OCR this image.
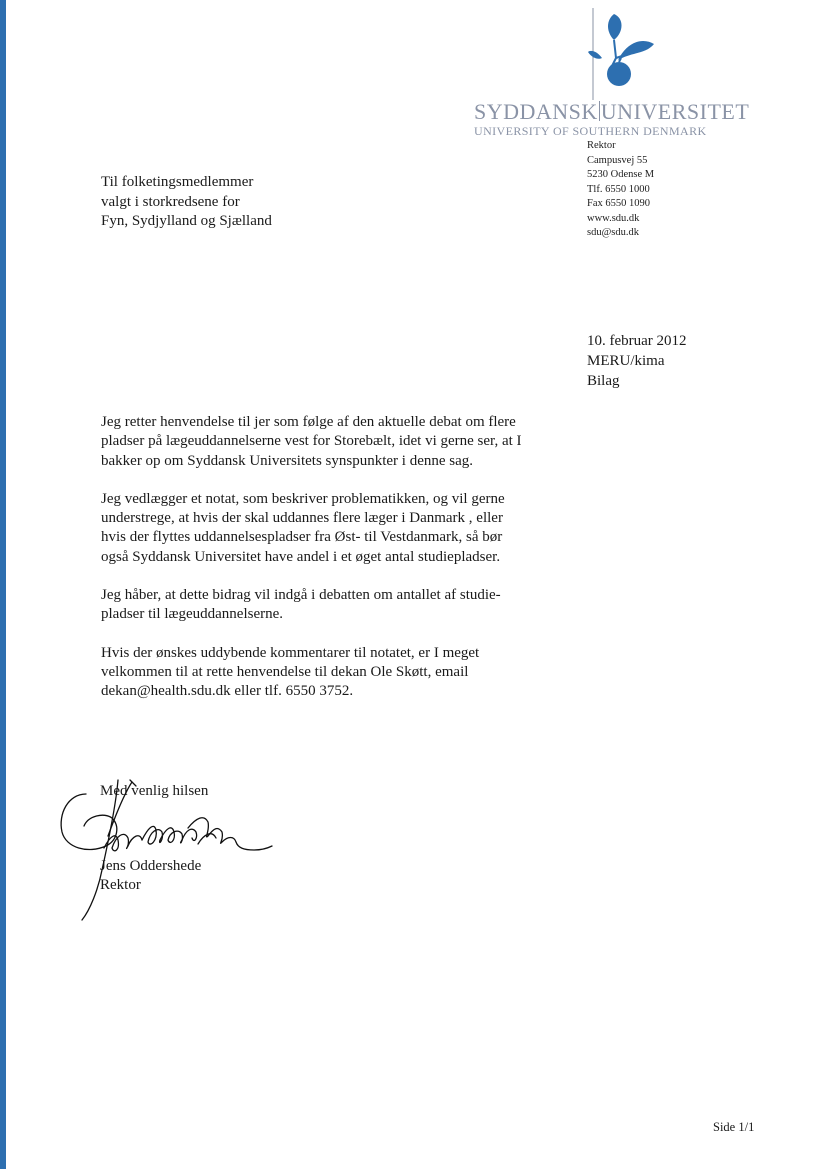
SYDDANSK UNIVERSITET
UNIVERSITY OF SOUTHERN DENMARK
Rektor
Campusvej 55
5230 Odense M
Tlf. 6550 1000
Fax 6550 1090
www.sdu.dk
sdu@sdu.dk
Til folketingsmedlemmer
valgt i storkredsene for
Fyn, Sydjylland og Sjælland
10. februar 2012
MERU/kima
Bilag

Jeg retter henvendelse til jer som følge af den aktuelle debat om flere
pladser på lægeuddannelserne vest for Storebælt, idet vi gerne ser, at I
bakker op om Syddansk Universitets synspunkter i denne sag.

Jeg vedlægger et notat, som beskriver problematikken, og vil gerne
understrege, at hvis der skal uddannes flere læger i Danmark , eller
hvis der flyttes uddannelsespladser fra Øst- til Vestdanmark, så bør
også Syddansk Universitet have andel i et øget antal studiepladser.

Jeg håber, at dette bidrag vil indgå i debatten om antallet af studie-
pladser til lægeuddannelserne.

Hvis der ønskes uddybende kommentarer til notatet, er I meget
velkommen til at rette henvendelse til dekan Ole Skøtt, email
dekan@health.sdu.dk eller tlf. 6550 3752.

Med venlig hilsen
Jens Oddershede
Rektor
Side 1/1
